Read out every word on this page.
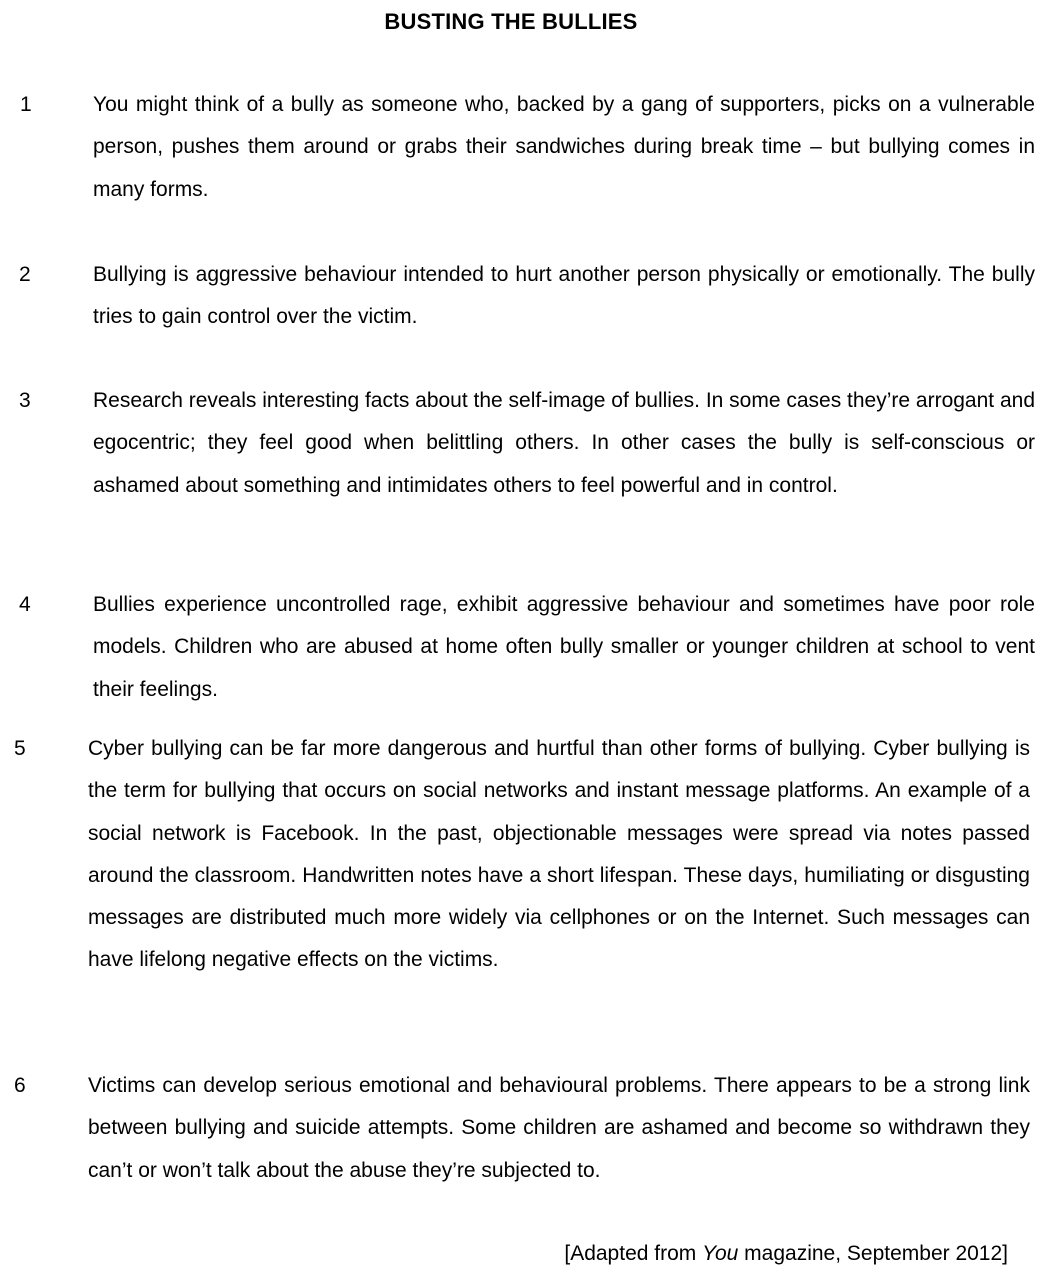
BUSTING THE BULLIES
1	You might think of a bully as someone who, backed by a gang of supporters, picks on a vulnerable person, pushes them around or grabs their sandwiches during break time – but bullying comes in many forms.
2	Bullying is aggressive behaviour intended to hurt another person physically or emotionally. The bully tries to gain control over the victim.
3	Research reveals interesting facts about the self-image of bullies. In some cases they’re arrogant and egocentric; they feel good when belittling others. In other cases the bully is self-conscious or ashamed about something and intimidates others to feel powerful and in control.
4	Bullies experience uncontrolled rage, exhibit aggressive behaviour and sometimes have poor role models. Children who are abused at home often bully smaller or younger children at school to vent their feelings.
5	Cyber bullying can be far more dangerous and hurtful than other forms of bullying. Cyber bullying is the term for bullying that occurs on social networks and instant message platforms. An example of a social network is Facebook. In the past, objectionable messages were spread via notes passed around the classroom. Handwritten notes have a short lifespan. These days, humiliating or disgusting messages are distributed much more widely via cellphones or on the Internet. Such messages can have lifelong negative effects on the victims.
6	Victims can develop serious emotional and behavioural problems. There appears to be a strong link between bullying and suicide attempts. Some children are ashamed and become so withdrawn they can’t or won’t talk about the abuse they’re subjected to.
[Adapted from You magazine, September 2012]
